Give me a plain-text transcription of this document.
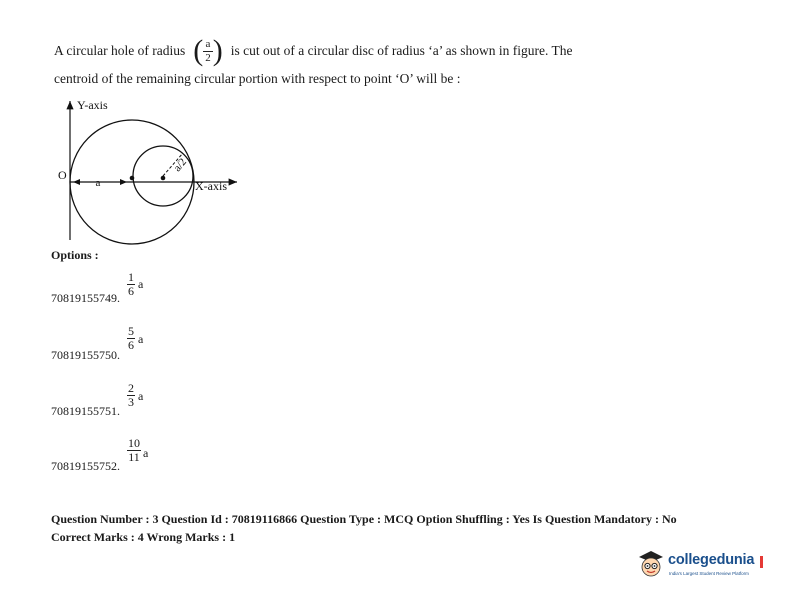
A circular hole of radius ( $\frac{a}{2}$ ) is cut out of a circular disc of radius ‘a’ as shown in figure. The
centroid of the remaining circular portion with respect to point ‘O’ will be :
a
a/2
O
Y-axis
X-axis
Options :
70819155749.
$\frac{1}{6}$ a
70819155750.
$\frac{5}{6}$ a
70819155751.
$\frac{2}{3}$ a
70819155752.
$\frac{10}{11}$ a
Question Number : 3 Question Id : 70819116866 Question Type : MCQ Option Shuffling : Yes Is Question Mandatory : No
Correct Marks : 4 Wrong Marks : 1
collegedunia
India's Largest Student Review Platform
